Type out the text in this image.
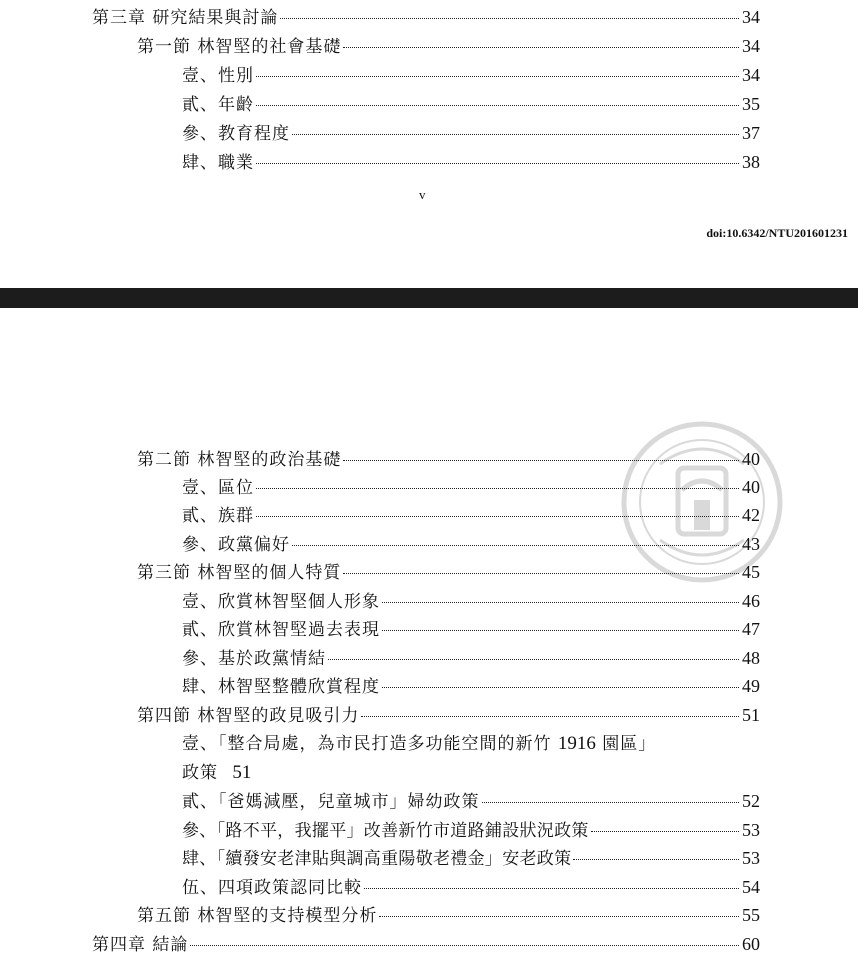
第三章 研究結果與討論	34
第一節 林智堅的社會基礎	34
壹、性別	34
貳、年齡	35
參、教育程度	37
肆、職業	38
v
doi:10.6342/NTU201601231
第二節 林智堅的政治基礎	40
壹、區位	40
貳、族群	42
參、政黨偏好	43
第三節 林智堅的個人特質	45
壹、欣賞林智堅個人形象	46
貳、欣賞林智堅過去表現	47
參、基於政黨情結	48
肆、林智堅整體欣賞程度	49
第四節 林智堅的政見吸引力	51
壹、「整合局處，為市民打造多功能空間的新竹 1916 園區」
政策 51
貳、「爸媽減壓，兒童城市」婦幼政策	52
參、「路不平，我擺平」改善新竹市道路鋪設狀況政策	53
肆、「續發安老津貼與調高重陽敬老禮金」安老政策	53
伍、四項政策認同比較	54
第五節 林智堅的支持模型分析	55
第四章 結論	60
